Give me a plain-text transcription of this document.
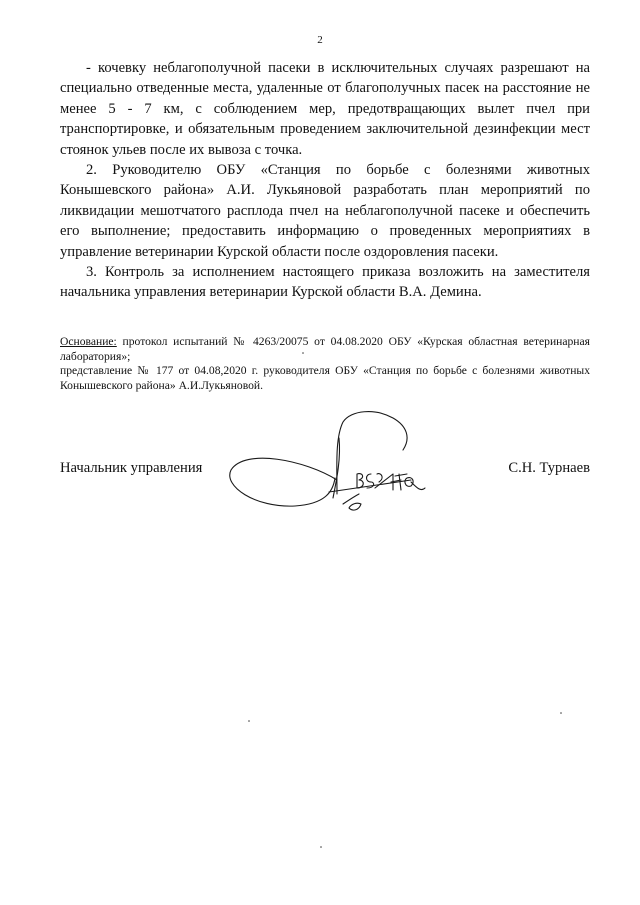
2

- кочевку неблагополучной пасеки в исключительных случаях разрешают на специально отведенные места, удаленные от благополучных пасек на расстояние не менее 5 - 7 км, с соблюдением мер, предотвращающих вылет пчел при транспортировке, и обязательным проведением заключительной дезинфекции мест стоянок ульев после их вывоза с точка.

2. Руководителю ОБУ «Станция по борьбе с болезнями животных Конышевского района» А.И. Лукьяновой разработать план мероприятий по ликвидации мешотчатого расплода пчел на неблагополучной пасеке и обеспечить его выполнение; предоставить информацию о проведенных мероприятиях в управление ветеринарии Курской области после оздоровления пасеки.

3. Контроль за исполнением настоящего приказа возложить на заместителя начальника управления ветеринарии Курской области В.А. Демина.

Основание: протокол испытаний № 4263/20075 от 04.08.2020 ОБУ «Курская областная ветеринарная лаборатория»;

представление № 177 от 04.08,2020 г. руководителя ОБУ «Станция по борьбе с болезнями животных Конышевского района» А.И.Лукьяновой.

Начальник управления	С.Н. Турнаев
